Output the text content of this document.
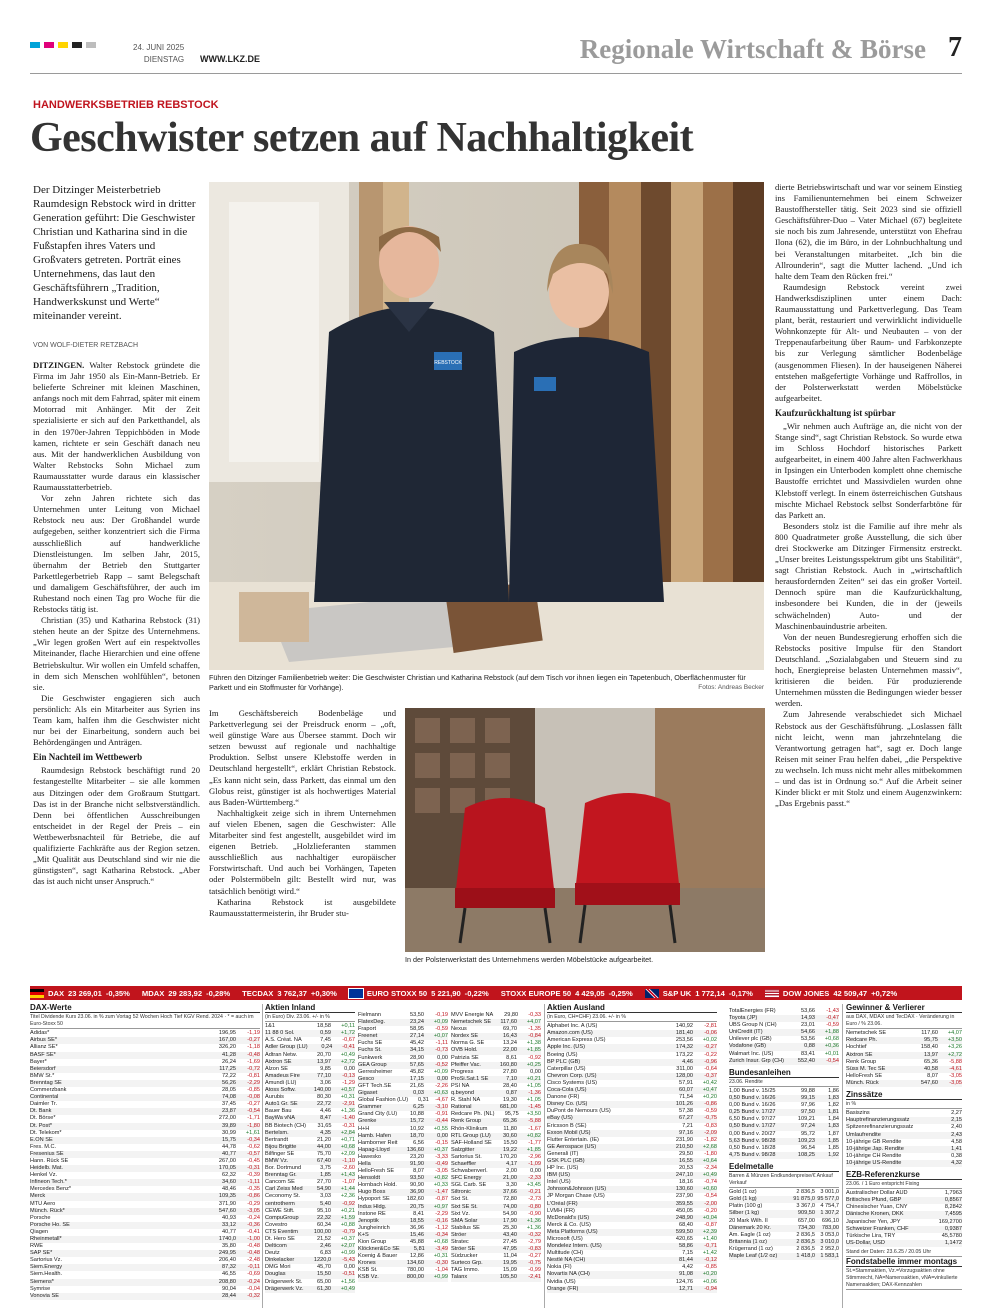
24. JUNI 2025
DIENSTAG WWW.LKZ.DE	Regionale Wirtschaft & Börse 7
HANDWERKSBETRIEB REBSTOCK
Geschwister setzen auf Nachhaltigkeit
Der Ditzinger Meisterbetrieb Raumdesign Rebstock wird in dritter Generation geführt: Die Geschwister Christian und Katharina sind in die Fußstapfen ihres Vaters und Großvaters getreten. Porträt eines Unternehmens, das laut den Geschäftsführern „Tradition, Handwerkskunst und Werte“ miteinander vereint.
VON WOLF-DIETER RETZBACH

DITZINGEN. Walter Rebstock gründete die Firma im Jahr 1950 als Ein-Mann-Betrieb. Er belieferte Schreiner mit kleinen Maschinen, anfangs noch mit dem Fahrrad, später mit einem Motorrad mit Anhänger. Mit der Zeit spezialisierte er sich auf den Parketthandel, als in den 1970er-Jahren Teppichböden in Mode kamen, richtete er sein Geschäft danach neu aus. Mit der handwerklichen Ausbildung von Walter Rebstocks Sohn Michael zum Raumausstatter wurde daraus ein klassischer Raumausstatterbetrieb.

Vor zehn Jahren richtete sich das Unternehmen unter Leitung von Michael Rebstock neu aus: Der Großhandel wurde aufgegeben, seither konzentriert sich die Firma ausschließlich auf handwerkliche Dienstleistungen. Im selben Jahr, 2015, übernahm der Betrieb den Stuttgarter Parkettlegerbetrieb Rapp – samt Belegschaft und damaligem Geschäftsführer, der auch im Ruhestand noch einen Tag pro Woche für die Rebstocks tätig ist.

Christian (35) und Katharina Rebstock (31) stehen heute an der Spitze des Unternehmens. „Wir legen großen Wert auf ein respektvolles Miteinander, flache Hierarchien und eine offene Betriebskultur. Wir wollen ein Umfeld schaffen, in dem sich Menschen wohlfühlen“, betonen sie.

Die Geschwister engagieren sich auch persönlich: Als ein Mitarbeiter aus Syrien ins Team kam, halfen ihm die Geschwister nicht nur bei der Einarbeitung, sondern auch bei Behördengängen und Anträgen.

Ein Nachteil im Wettbewerb

Raumdesign Rebstock beschäftigt rund 20 festangestellte Mitarbeiter – sie alle kommen aus Ditzingen oder dem Großraum Stuttgart. Das ist in der Branche nicht selbstverständlich. Denn bei öffentlichen Ausschreibungen entscheidet in der Regel der Preis – ein Wettbewerbsnachteil für Betriebe, die auf qualifizierte Fachkräfte aus der Region setzen. „Mit Qualität aus Deutschland sind wir nie die günstigsten“, sagt Katharina Rebstock. „Aber das ist auch nicht unser Anspruch.“

REBSTOCK
Führen den Ditzinger Familienbetrieb weiter: Die Geschwister Christian und Katharina Rebstock (auf dem Tisch vor ihnen liegen ein Tapetenbuch, Oberflächenmuster für Parkett und ein Stoffmuster für Vorhänge).	Fotos: Andreas Becker

Im Geschäftsbereich Bodenbeläge und Parkettverlegung sei der Preisdruck enorm – „oft, weil günstige Ware aus Übersee stammt. Doch wir setzen bewusst auf regionale und nachhaltige Produktion. Selbst unsere Klebstoffe werden in Deutschland hergestellt“, erklärt Christian Rebstock. „Es kann nicht sein, dass Parkett, das einmal um den Globus reist, günstiger ist als hochwertiges Material aus Baden-Württemberg.“

Nachhaltigkeit zeige sich in ihrem Unternehmen auf vielen Ebenen, sagen die Geschwister: Alle Mitarbeiter sind fest angestellt, ausgebildet wird im eigenen Betrieb. „Holzlieferanten stammen ausschließlich aus nachhaltiger europäischer Forstwirtschaft. Und auch bei Vorhängen, Tapeten oder Polstermöbeln gilt: Bestellt wird nur, was tatsächlich benötigt wird.“

Katharina Rebstock ist ausgebildete Raumausstattermeisterin, ihr Bruder stu-

In der Polsterwerkstatt des Unternehmens werden Möbelstücke aufgearbeitet.

dierte Betriebswirtschaft und war vor seinem Einstieg ins Familienunternehmen bei einem Schweizer Baustoffhersteller tätig. Seit 2023 sind sie offiziell Geschäftsführer-Duo – Vater Michael (67) begleitete sie noch bis zum Jahresende, unterstützt von Ehefrau Ilona (62), die im Büro, in der Lohnbuchhaltung und bei Veranstaltungen mitarbeitet. „Ich bin die Allrounderin“, sagt die Mutter lachend. „Und ich halte dem Team den Rücken frei.“

Raumdesign Rebstock vereint zwei Handwerksdisziplinen unter einem Dach: Raumausstattung und Parkettverlegung. Das Team plant, berät, restauriert und verwirklicht individuelle Wohnkonzepte für Alt- und Neubauten – von der Treppenaufarbeitung über Raum- und Farbkonzepte bis zur Verlegung sämtlicher Bodenbeläge (ausgenommen Fliesen). In der hauseigenen Näherei entstehen maßgefertigte Vorhänge und Raffrollos, in der Polsterwerkstatt werden Möbelstücke aufgearbeitet.

Kaufzurückhaltung ist spürbar

„Wir nehmen auch Aufträge an, die nicht von der Stange sind“, sagt Christian Rebstock. So wurde etwa im Schloss Hochdorf historisches Parkett aufgearbeitet, in einem 400 Jahre alten Fachwerkhaus in Ipsingen ein Unterboden komplett ohne chemische Baustoffe errichtet und Massivdielen wurden ohne Klebstoff verlegt. In einem österreichischen Gutshaus mischte Michael Rebstock selbst Sonderfarbtöne für das Parkett an.

Besonders stolz ist die Familie auf ihre mehr als 800 Quadratmeter große Ausstellung, die sich über drei Stockwerke am Ditzinger Firmensitz erstreckt. „Unser breites Leistungsspektrum gibt uns Stabilität“, sagt Christian Rebstock. Auch in „wirtschaftlich herausfordernden Zeiten“ sei das ein großer Vorteil. Dennoch spüre man die Kaufzurückhaltung, insbesondere bei Kunden, die in der (jeweils schwächelnden) Auto- und der Maschinenbauindustrie arbeiten.

Von der neuen Bundesregierung erhoffen sich die Rebstocks positive Impulse für den Standort Deutschland. „Sozialabgaben und Steuern sind zu hoch, Energiepreise belasten Unternehmen massiv“, kritisieren die beiden. Für produzierende Unternehmen müssten die Bedingungen wieder besser werden.

Zum Jahresende verabschiedet sich Michael Rebstock aus der Geschäftsführung. „Loslassen fällt nicht leicht, wenn man jahrzehntelang die Verantwortung getragen hat“, sagt er. Doch lange Reisen mit seiner Frau helfen dabei, „die Perspektive zu wechseln. Ich muss nicht mehr alles mitbekommen – und das ist in Ordnung so.“ Auf die Arbeit seiner Kinder blickt er mit Stolz und einem Augenzwinkern: „Das Ergebnis passt.“

DAX 23 269,01 -0,35% MDAX 29 283,92 -0,28% TECDAX 3 762,37 +0,30%	EURO STOXX 50 5 221,90 -0,22% STOXX EUROPE 50 4 429,05 -0,25%	S&P UK 1 772,14 -0,17%	DOW JONES 42 509,47 +0,72%
DAX-Werte
Titel Dividende Kurs 23.06. in % zum Vortag 52 Wochen Hoch Tief KGV Rend. 2024 · * = auch im Euro-Stoxx 50
Adidas*	196,95	-1,19
Airbus SE*	167,00	-0,27
Allianz SE*	326,20	-1,18
BASF SE*	41,28	-0,48
Bayer*	26,24	-1,69
Beiersdorf	117,25	-0,72
BMW St.*	72,22	-0,81
Brenntag SE	56,26	-2,29
Commerzbank	28,05	-0,85
Continental	74,08	-0,08
Daimler Tr.	37,45	-0,27
Dt. Bank	23,87	-0,54
Dt. Börse*	272,00	-1,71
Dt. Post*	39,89	-1,80
Dt. Telekom*	30,99	+1,61
E.ON SE	15,75	-0,34
Fres. M.C.	44,78	-0,62
Fresenius SE	40,77	-0,57
Hann. Rück SE	267,00	-0,45
Heidelb. Mat.	170,05	-0,31
Henkel Vz.	62,32	-0,39
Infineon Tech.*	34,60	-1,11
Mercedes Benz*	48,46	-0,35
Merck	109,35	-0,86
MTU Aero	371,90	-0,29
Münch. Rück*	547,60	-3,05
Porsche	40,93	-0,24
Porsche Ho. SE	33,12	-0,36
Qiagen	40,77	-0,41
Rheinmetall*	1740,0	-1,00
RWE	35,80	-0,48
SAP SE*	249,95	-0,48
Sartorius Vz.	206,40	-2,48
Siem.Energy	87,32	-0,11
Siem.Health.	46,55	-0,69
Siemens*	208,80	-0,24
Symrise	90,04	-0,04
Vonovia SE	28,44	-0,32
Aktien Inland
(in Euro) Div. 23.06. +/- in %
1&1	18,58	+0,11
11 88 0 Sol.	0,59	+1,72
A.S. Créat. NA	7,45	-0,67
Adler Group (LU)	0,24	-0,41
Adtran Netw.	20,70	+0,49
Aixtron SE	13,97	+2,72
Alzon SE	9,85	0,00
Amadeus Fire	77,10	-0,13
Amundi (LU)	3,06	-1,29
Atoss Softw.	140,00	+0,57
Aurubis	80,30	+0,31
Auto1 Gr. SE	22,72	-2,91
Bauer Bau	4,46	+1,36
BayWa vNA	8,47	-1,40
BB Biotech (CH)	31,65	-0,31
Bertelsm.	4,35	+2,84
Bertrandt	21,20	+0,71
Bijou Brigitte	44,00	+0,68
Bilfinger SE	75,70	+2,09
BMW Vz.	67,40	-1,10
Bor. Dortmund	3,75	-2,60
Brenntag Gr.	1,85	+1,43
Cancom SE	27,70	-1,07
Carl Zeiss Med	54,90	+1,44
Ceconomy St.	3,03	+2,36
centrotherm	5,40	-0,92
CEWE Stift.	95,10	+0,21
CompuGroup	22,32	+1,59
Covestro	60,34	+0,88
CTS Eventim	100,00	-0,79
Dt. Hero SE	21,52	+0,37
Delticom	2,46	+2,07
Deutz	6,83	+0,99
Dinkelacker	1220,0	-5,43
DMG Mori	45,70	0,00
Douglas	15,50	-0,51
Drägerwerk St.	65,00	+1,56
Drägerwerk Vz.	61,30	+0,49
Fielmann	53,50	-0,19
FlatexDeg.	23,24	+0,09
Fraport	58,95	-0,59
Freenet	27,14	+0,07
Fuchs SE	45,42	-1,11
Fuchs St.	34,15	-0,73
Funkwerk	28,90	0,00
GEA Group	57,65	-0,52
Gerresheimer	45,82	+0,09
Gesco	17,15	0,00
GFT Tech.SE	21,65	-2,26
Gigaset	0,03	+0,63
Global Fashion (LU)	0,31	-4,67
Grammer	6,25	-3,10
Grand City (LU)	10,88	-0,91
Grenke	15,72	-0,44
H+H	10,92	+0,55
Hamb. Hafen	18,70	0,00
Hamborner Reit	6,56	-0,15
Hapag-Lloyd	136,60	+0,37
Hawesko	23,20	-3,33
Hella	91,90	-0,49
HelloFresh SE	8,07	-3,05
Hensoldt	93,50	+0,82
Hornbach Hold.	90,90	+0,33
Hugo Boss	36,90	-1,47
Hypoport SE	182,60	-0,87
Indus Hldg.	20,75	+0,97
Instone RE	8,41	-2,29
Jenoptik	18,55	-0,16
Jungheinrich	36,96	-1,12
K+S	15,46	-0,34
Kion Group	45,88	+0,68
Klöckner&Co SE	5,81	-3,49
Koenig & Bauer	12,86	+0,31
Krones	134,60	-0,30
KSB St.	780,00	-1,04
KSB Vz.	800,00	+0,99
MVV Energie NA	29,80	-0,33
Nemetschek SE	117,60	+4,07
Nexus	69,70	-1,35
Nordex SE	16,43	-0,84
Norma G. SE	13,24	+1,38
OVB Hold.	22,00	+1,85
Patrizia SE	8,61	-0,92
Pfeiffer Vac.	160,80	+0,25
Progress	27,80	0,00
ProSi.Sat.1 SE	7,10	+0,21
PSI NA	28,40	+1,05
q.beyond	0,87	-1,36
R. Stahl NA	19,30	+1,05
Rational	681,00	-1,45
Redcare Ph. (NL)	95,75	+3,50
Renk Group	65,36	-5,88
Rhön-Klinikum	11,80	-1,67
RTL Group (LU)	30,60	+0,82
SAF-Holland SE	15,50	-1,77
Salzgitter	19,22	+1,85
Sartorius St.	170,20	-2,96
Schaeffler	4,17	-1,09
Schwabenverl.	2,00	0,00
SFC Energy	21,00	-2,33
SGL Carb. SE	3,30	+3,45
Siltronic	37,66	-0,21
Sixt St.	72,80	-2,73
Sixt SE St.	74,00	-0,80
Sixt Vz.	54,90	-0,90
SMA Solar	17,90	+1,36
Stabilus SE	25,30	+1,36
Ströer	43,40	-0,32
Stratec	27,45	-2,79
Ströer SE	47,95	-0,83
Südzucker	11,04	-0,27
Surteco Grp.	19,95	-0,75
TAG Immo.	15,09	-0,99
Talanx	105,50	-2,41
Aktien Ausland
(in Euro, CH=CHF) 23.06. +/- in %
Alphabet Inc. A (US)	140,92	-2,81
Amazon.com (US)	181,40	-0,06
American Express (US)	253,56	+0,02
Apple Inc. (US)	174,32	-0,27
Boeing (US)	173,22	-0,22
BP PLC (GB)	4,46	-0,96
Caterpillar (US)	311,00	-0,64
Chevron Corp. (US)	128,00	-0,37
Cisco Systems (US)	57,91	+0,42
Coca-Cola (US)	60,07	+0,47
Danone (FR)	71,54	+0,20
Disney Co. (US)	101,26	-0,86
DuPont de Nemours (US)	57,38	-0,59
eBay (US)	67,27	-0,75
Ericsson B (SE)	7,21	-0,83
Exxon Mobil (US)	97,16	-2,09
Flutter Entertain. (IE)	231,90	-1,82
GE Aerospace (US)	210,50	+2,68
Generali (IT)	29,50	-1,80
GSK PLC (GB)	16,55	+0,64
HP Inc. (US)	20,53	-2,34
IBM (US)	247,10	+0,49
Intel (US)	18,16	-0,74
Johnson&Johnson (US)	130,60	+0,60
JP Morgan Chase (US)	237,90	-0,54
L'Oréal (FR)	359,55	-2,00
LVMH (FR)	450,05	-0,20
McDonald's (US)	248,90	+0,04
Merck & Co. (US)	68,40	-0,87
Meta Platforms (US)	599,50	+2,39
Microsoft (US)	420,65	+1,40
Mondelez Intern. (US)	58,86	-0,71
Multitude (CH)	7,15	+1,42
Nestlé NA (CH)	81,44	-0,12
Nokia (FI)	4,42	-0,85
Novartis NA (CH)	91,08	+0,20
Nvidia (US)	124,76	+0,06
Orange (FR)	12,71	-0,94
TotalEnergies (FR)	53,66	-1,43
Toyota (JP)	14,93	-0,47
UBS Group N (CH)	23,01	-0,59
UniCredit (IT)	54,66	+1,88
Unilever plc (GB)	53,56	+0,68
Vodafone (GB)	0,88	+0,36
Walmart Inc. (US)	83,41	+0,01
Zurich Insur. Grp (CH)	552,40	-0,54
Bundesanleihen
23.06. Rendite
1,00 Bund v. 15/25	99,88	1,86
0,50 Bund v. 16/26	99,15	1,83
0,00 Bund v. 16/26	97,96	1,82
0,25 Bund v. 17/27	97,50	1,81
6,50 Bund v. 97/27	109,21	1,84
0,50 Bund v. 17/27	97,24	1,83
0,00 Bund v. 20/27	95,72	1,87
5,63 Bund v. 98/28	109,23	1,85
0,50 Bund v. 18/28	96,54	1,85
4,75 Bund v. 98/28	108,25	1,92
Edelmetalle
Barren & Münzen Endkundenpreise/€ Ankauf Verkauf
Gold (1 oz)	2 836,5 3 001,0
Gold (1 kg)	91 875,0 95 577,0
Platin (100 g)	3 367,0 4 754,7
Silber (1 kg)	909,50 1 307,2
20 Mark Wilh. II	657,00	696,10
Dänemark 20 Kr.	734,30	783,00
Am. Eagle (1 oz)	2 836,5 3 053,0
Britannia (1 oz)	2 836,5 3 010,0
Krügerrand (1 oz)	2 836,5 2 952,0
Maple Leaf (1/2 oz)	1 418,0 1 583,1
Gewinner & Verlierer
aus DAX, MDAX und TecDAX · Veränderung in Euro / % 23.06.
Nemetschek SE	117,60	+4,07
Redcare Ph.	95,75	+3,50
Hochtief	158,40	+3,26
Aixtron SE	13,97	+2,72
Renk Group	65,36	-5,88
Süss M. Tec SE	40,58	-4,61
HelloFresh SE	8,07	-3,05
Münch. Rück	547,60	-3,05
Zinssätze
in %
Basiszins	2,27
Hauptrefinanzierungssatz	2,15
Spitzenrefinanzierungssatz	2,40
Umlaufrendite	2,43
10-jährige GB Rendite	4,58
10-jährige Jap. Rendite	1,41
10-jährige CH Rendite	0,38
10-jährige US-Rendite	4,32
EZB-Referenzkurse
23.06. / 1 Euro entspricht Fixing
Australischer Dollar AUD	1,7963
Britisches Pfund, GBP	0,8567
Chinesischer Yuan, CNY	8,2842
Dänische Kronen, DKK	7,4595
Japanischer Yen, JPY	169,2700
Schweizer Franken, CHF	0,9387
Türkische Lira, TRY	45,5780
US-Dollar, USD	1,1472
Stand der Daten: 23.6.25 / 20.05 Uhr
Fondstabelle immer montags
St.=Stammaktien, Vz.=Vorzugsaktien ohne Stimmrecht, NA=Namensaktien, vNA=vinkulierte Namensaktien; DAX-Kennzahlen
